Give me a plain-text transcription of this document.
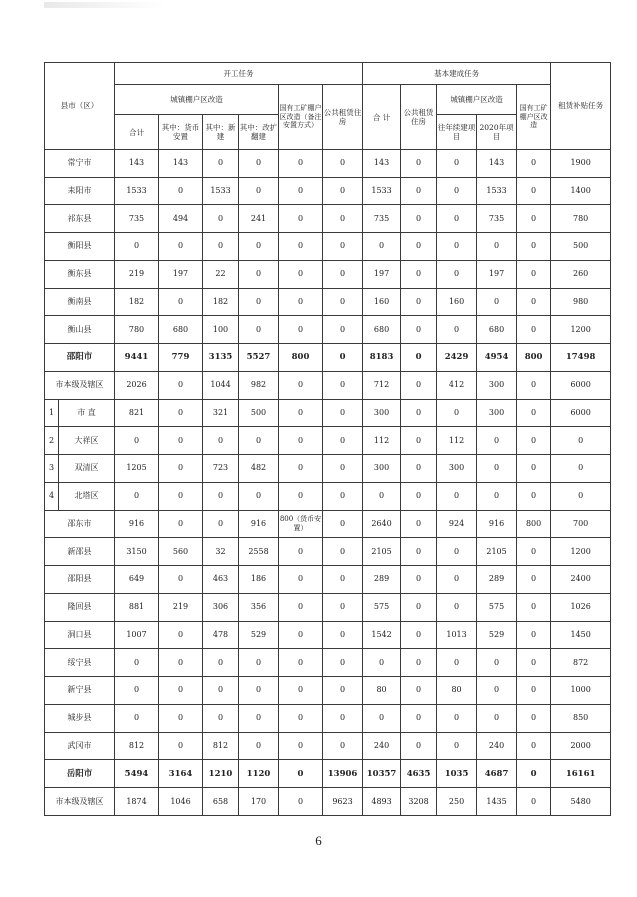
县市（区）		开工任务						基本建成任务					租赁补贴任务
		城镇棚户区改造				国有工矿棚户区改造（备注安置方式）	公共租赁住房	合 计	公共租赁住房	城镇棚户区改造		国有工矿棚户区改造	
		合计	其中：货币安置	其中：新 建	其中：改扩翻建					往年续建项目	2020年项目		
常宁市		143	143	0	0	0	0	143	0	0	143	0	1900
耒阳市		1533	0	1533	0	0	0	1533	0	0	1533	0	1400
祁东县		735	494	0	241	0	0	735	0	0	735	0	780
衡阳县		0	0	0	0	0	0	0	0	0	0	0	500
衡东县		219	197	22	0	0	0	197	0	0	197	0	260
衡南县		182	0	182	0	0	0	160	0	160	0	0	980
衡山县		780	680	100	0	0	0	680	0	0	680	0	1200
邵阳市		9441	779	3135	5527	800	0	8183	0	2429	4954	800	17498
市本级及辖区		2026	0	1044	982	0	0	712	0	412	300	0	6000
1	市 直	821	0	321	500	0	0	300	0	0	300	0	6000
2	大祥区	0	0	0	0	0	0	112	0	112	0	0	0
3	双清区	1205	0	723	482	0	0	300	0	300	0	0	0
4	北塔区	0	0	0	0	0	0	0	0	0	0	0	0
邵东市		916	0	0	916	800（货币安置）	0	2640	0	924	916	800	700
新邵县		3150	560	32	2558	0	0	2105	0	0	2105	0	1200
邵阳县		649	0	463	186	0	0	289	0	0	289	0	2400
隆回县		881	219	306	356	0	0	575	0	0	575	0	1026
洞口县		1007	0	478	529	0	0	1542	0	1013	529	0	1450
绥宁县		0	0	0	0	0	0	0	0	0	0	0	872
新宁县		0	0	0	0	0	0	80	0	80	0	0	1000
城步县		0	0	0	0	0	0	0	0	0	0	0	850
武冈市		812	0	812	0	0	0	240	0	0	240	0	2000
岳阳市		5494	3164	1210	1120	0	13906	10357	4635	1035	4687	0	16161
市本级及辖区		1874	1046	658	170	0	9623	4893	3208	250	1435	0	5480
6
